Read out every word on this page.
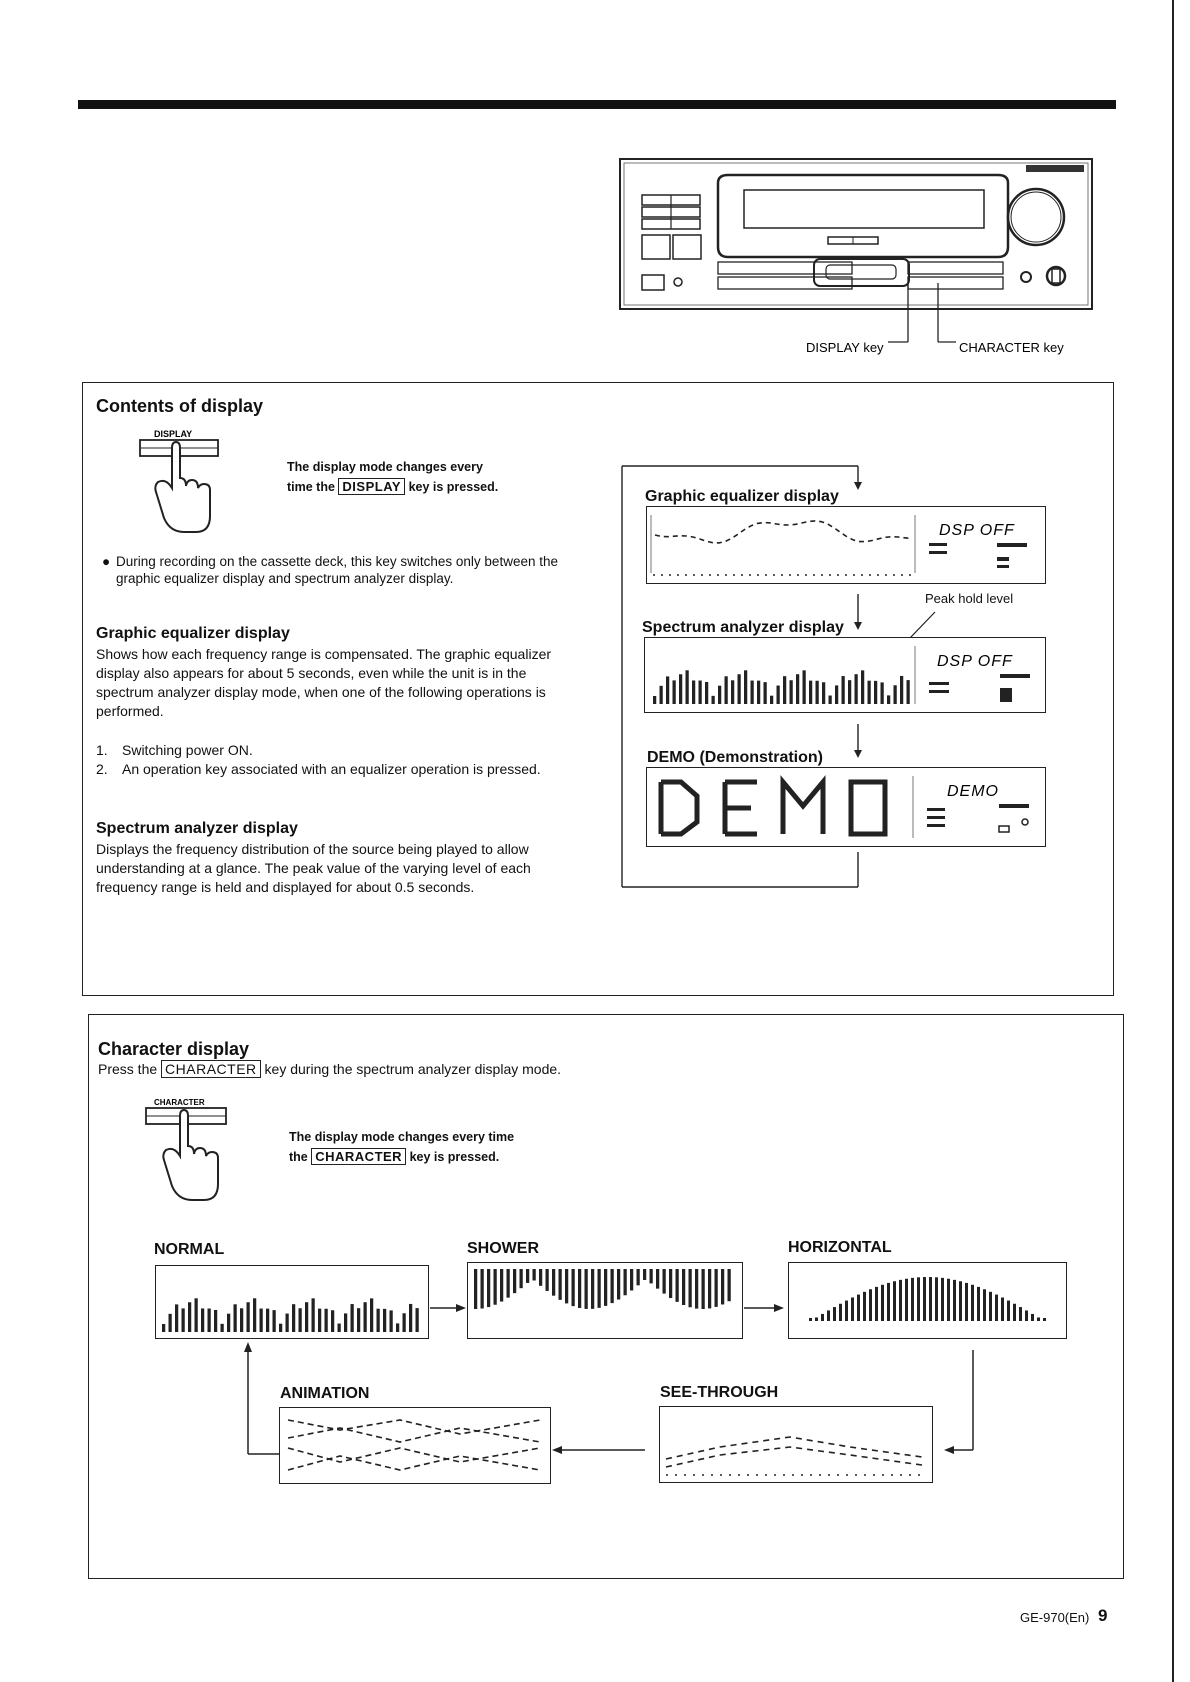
DISPLAY key	CHARACTER key
Contents of display
DISPLAY
The display mode changes every
time the DISPLAY key is pressed.
● During recording on the cassette deck, this key switches only between the graphic equalizer display and spectrum analyzer display.
Graphic equalizer display
Shows how each frequency range is compensated. The graphic equalizer display also appears for about 5 seconds, even while the unit is in the spectrum analyzer display mode, when one of the following operations is performed.
1. Switching power ON.
2. An operation key associated with an equalizer operation is pressed.
Spectrum analyzer display
Displays the frequency distribution of the source being played to allow understanding at a glance. The peak value of the varying level of each frequency range is held and displayed for about 0.5 seconds.
Graphic equalizer display
Peak hold level
Spectrum analyzer display
DEMO (Demonstration)
DSP OFF
DSP OFF
DEMO
Character display
Press the CHARACTER key during the spectrum analyzer display mode.
CHARACTER
The display mode changes every time
the CHARACTER key is pressed.
NORMAL	SHOWER	HORIZONTAL
ANIMATION	SEE-THROUGH
GE-970(En) 9
